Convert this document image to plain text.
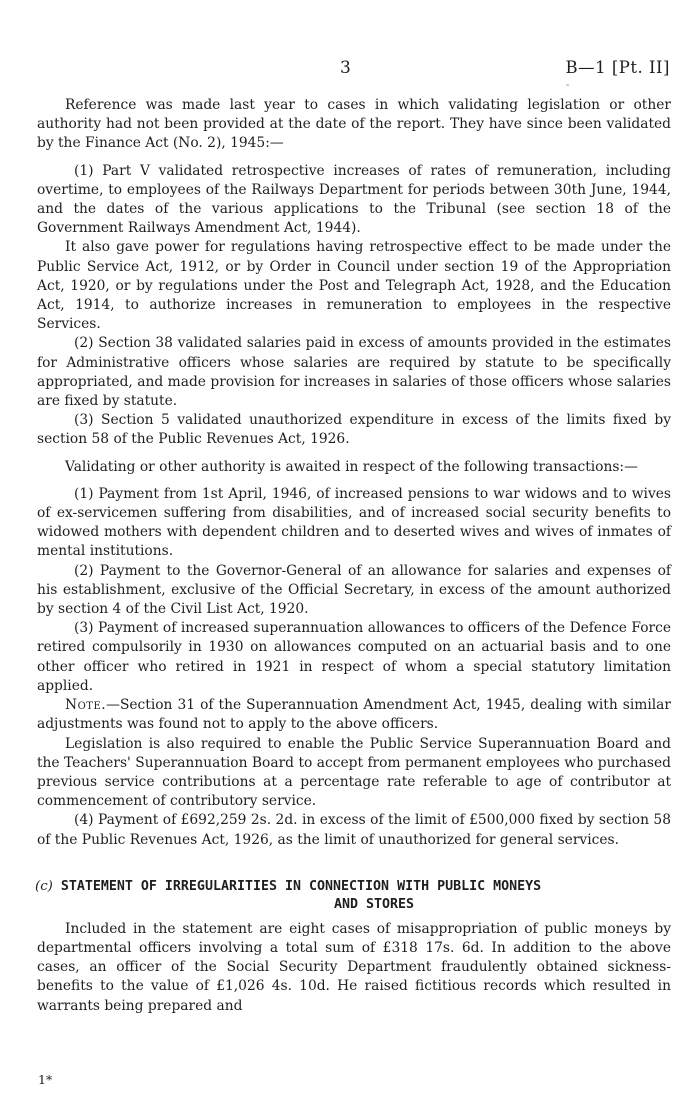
3	B—1 [Pt. II]
-

Reference was made last year to cases in which validating legislation or other authority had not been provided at the date of the report. They have since been validated by the Finance Act (No. 2), 1945:—

(1) Part V validated retrospective increases of rates of remuneration, including overtime, to employees of the Railways Department for periods between 30th June, 1944, and the dates of the various applications to the Tribunal (see section 18 of the Government Railways Amendment Act, 1944).

It also gave power for regulations having retrospective effect to be made under the Public Service Act, 1912, or by Order in Council under section 19 of the Appropriation Act, 1920, or by regulations under the Post and Telegraph Act, 1928, and the Education Act, 1914, to authorize increases in remuneration to employees in the respective Services.

(2) Section 38 validated salaries paid in excess of amounts provided in the estimates for Administrative officers whose salaries are required by statute to be specifically appropriated, and made provision for increases in salaries of those officers whose salaries are fixed by statute.

(3) Section 5 validated unauthorized expenditure in excess of the limits fixed by section 58 of the Public Revenues Act, 1926.

Validating or other authority is awaited in respect of the following transactions:—

(1) Payment from 1st April, 1946, of increased pensions to war widows and to wives of ex-servicemen suffering from disabilities, and of increased social security benefits to widowed mothers with dependent children and to deserted wives and wives of inmates of mental institutions.

(2) Payment to the Governor-General of an allowance for salaries and expenses of his establishment, exclusive of the Official Secretary, in excess of the amount authorized by section 4 of the Civil List Act, 1920.

(3) Payment of increased superannuation allowances to officers of the Defence Force retired compulsorily in 1930 on allowances computed on an actuarial basis and to one other officer who retired in 1921 in respect of whom a special statutory limitation applied.

Note.—Section 31 of the Superannuation Amendment Act, 1945, dealing with similar adjustments was found not to apply to the above officers.

Legislation is also required to enable the Public Service Superannuation Board and the Teachers' Superannuation Board to accept from permanent employees who purchased previous service contributions at a percentage rate referable to age of contributor at commencement of contributory service.

(4) Payment of £692,259 2s. 2d. in excess of the limit of £500,000 fixed by section 58 of the Public Revenues Act, 1926, as the limit of unauthorized for general services.

(c) STATEMENT OF IRREGULARITIES IN CONNECTION WITH PUBLIC MONEYS
AND STORES

Included in the statement are eight cases of misappropriation of public moneys by departmental officers involving a total sum of £318 17s. 6d. In addition to the above cases, an officer of the Social Security Department fraudulently obtained sickness-benefits to the value of £1,026 4s. 10d. He raised fictitious records which resulted in warrants being prepared and

1*
